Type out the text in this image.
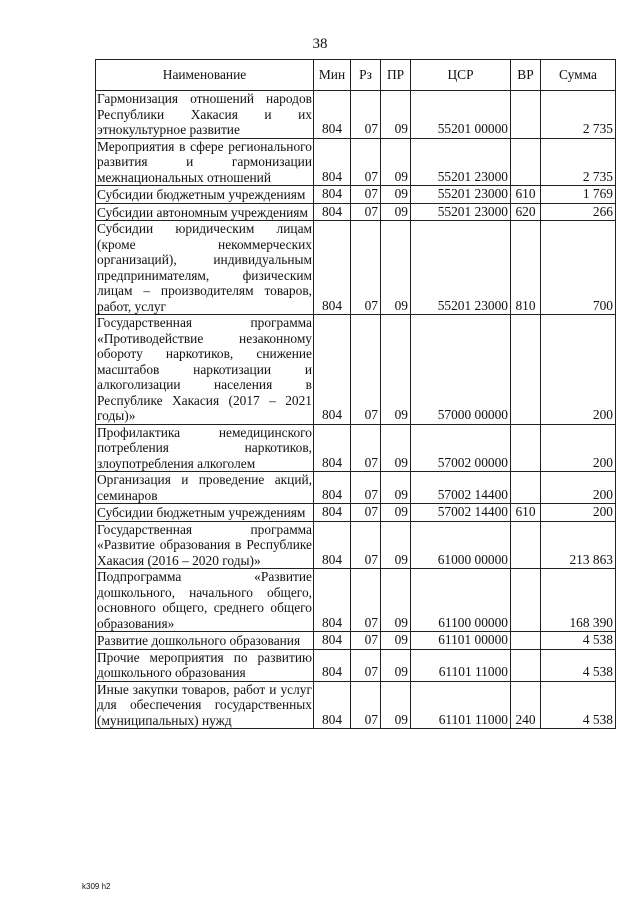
38
Наименование	Мин	Рз	ПР	ЦСР	ВР	Сумма
Гармонизация отношений народов Республики Хакасия и их этнокультурное развитие	804	07	09	55201 00000		2 735
Мероприятия в сфере регионального развития и гармонизации межнациональных отношений	804	07	09	55201 23000		2 735
Субсидии бюджетным учреждениям	804	07	09	55201 23000	610	1 769
Субсидии автономным учреждениям	804	07	09	55201 23000	620	266
Субсидии юридическим лицам (кроме некоммерческих организаций), индивидуальным предпринимателям, физическим лицам – производителям товаров, работ, услуг	804	07	09	55201 23000	810	700
Государственная программа «Противодействие незаконному обороту наркотиков, снижение масштабов наркотизации и алкоголизации населения в Республике Хакасия (2017 – 2021 годы)»	804	07	09	57000 00000		200
Профилактика немедицинского потребления наркотиков, злоупотребления алкоголем	804	07	09	57002 00000		200
Организация и проведение акций, семинаров	804	07	09	57002 14400		200
Субсидии бюджетным учреждениям	804	07	09	57002 14400	610	200
Государственная программа «Развитие образования в Республике Хакасия (2016 – 2020 годы)»	804	07	09	61000 00000		213 863
Подпрограмма «Развитие дошкольного, начального общего, основного общего, среднего общего образования»	804	07	09	61100 00000		168 390
Развитие дошкольного образования	804	07	09	61101 00000		4 538
Прочие мероприятия по развитию дошкольного образования	804	07	09	61101 11000		4 538
Иные закупки товаров, работ и услуг для обеспечения государственных (муниципальных) нужд	804	07	09	61101 11000	240	4 538
k309 h2
